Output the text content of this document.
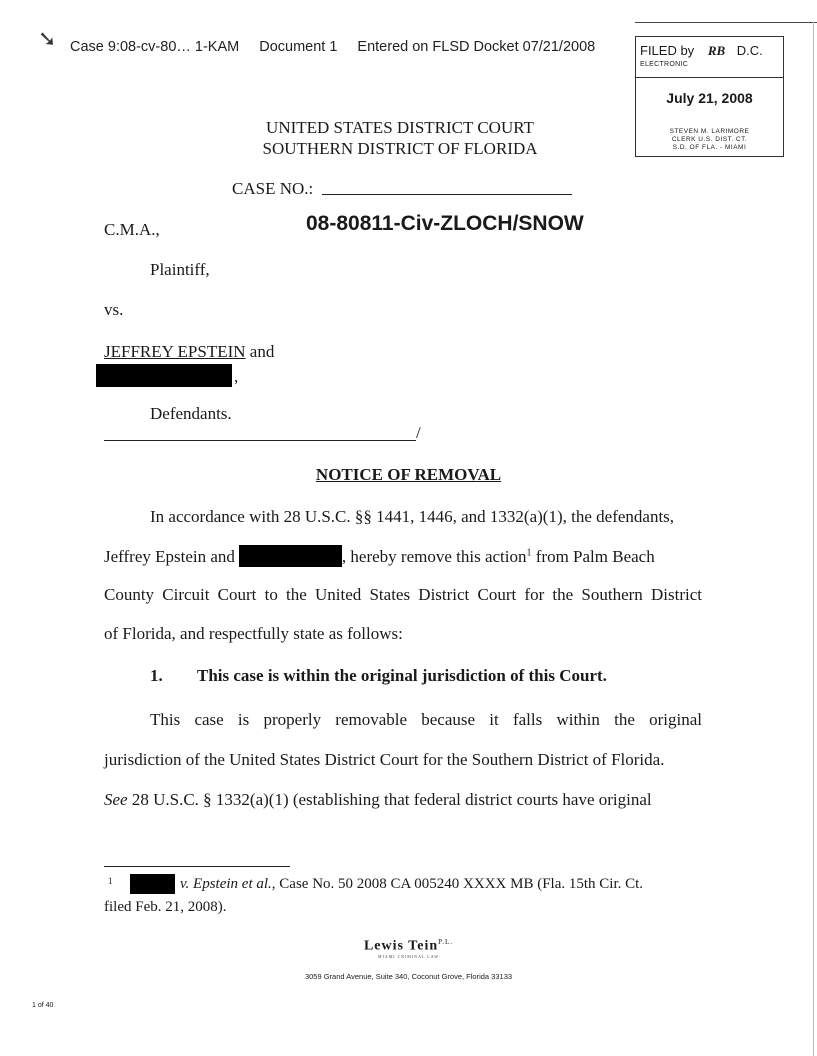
➘ Case 9:08-cv-80… 1-KAM Document 1 Entered on FLSD Docket 07/21/2008	FILED by RB D.C.
ELECTRONIC
July 21, 2008
STEVEN M. LARIMORE
CLERK U.S. DIST. CT.
S.D. OF FLA. - MIAMI
UNITED STATES DISTRICT COURT
SOUTHERN DISTRICT OF FLORIDA
CASE NO.:
08-80811-Civ-ZLOCH/SNOW
C.M.A.,
Plaintiff,
vs.
JEFFREY EPSTEIN and
,
Defendants.
/
NOTICE OF REMOVAL
In accordance with 28 U.S.C. §§ 1441, 1446, and 1332(a)(1), the defendants,
Jeffrey Epstein and	, hereby remove this action$^1$ from Palm Beach
County Circuit Court to the United States District Court for the Southern District
of Florida, and respectfully state as follows:
1. This case is within the original jurisdiction of this Court.
This case is properly removable because it falls within the original
jurisdiction of the United States District Court for the Southern District of Florida.
See 28 U.S.C. § 1332(a)(1) (establishing that federal district courts have original
1	v. Epstein et al., Case No. 50 2008 CA 005240 XXXX MB (Fla. 15th Cir. Ct.
filed Feb. 21, 2008).
Lewis Tein$^{P.L.}$
MIAMI CRIMINAL LAW
3059 Grand Avenue, Suite 340, Coconut Grove, Florida 33133
1 of 40
